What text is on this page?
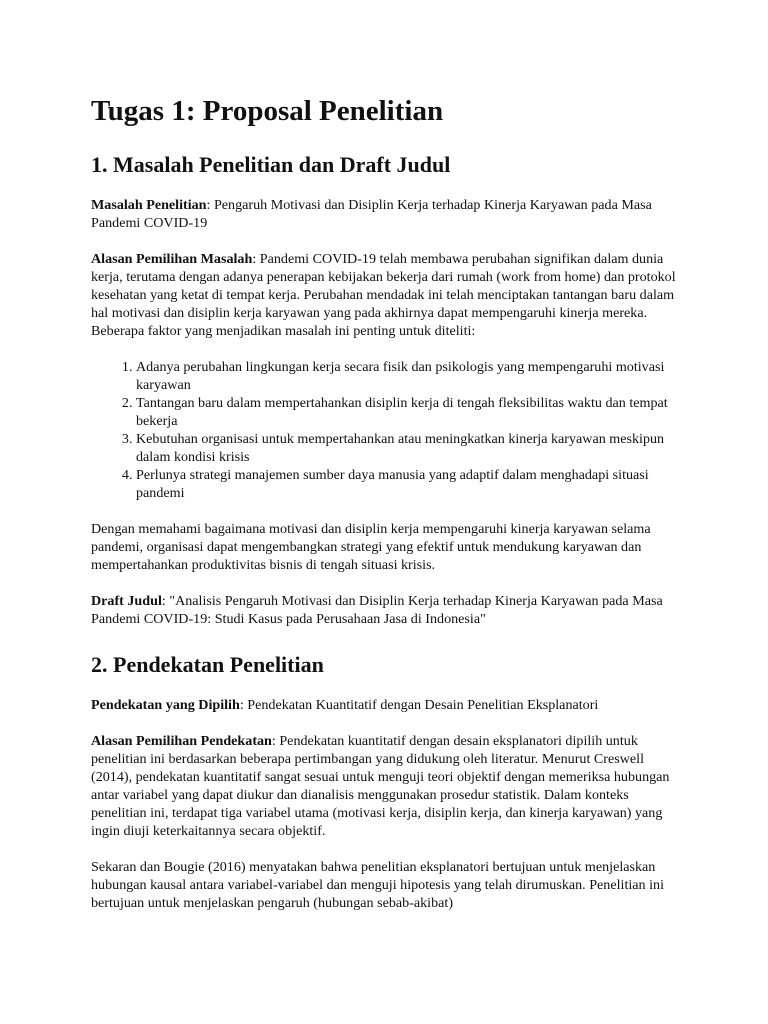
Tugas 1: Proposal Penelitian
1. Masalah Penelitian dan Draft Judul

Masalah Penelitian: Pengaruh Motivasi dan Disiplin Kerja terhadap Kinerja Karyawan pada Masa Pandemi COVID-19

Alasan Pemilihan Masalah: Pandemi COVID-19 telah membawa perubahan signifikan dalam dunia kerja, terutama dengan adanya penerapan kebijakan bekerja dari rumah (work from home) dan protokol kesehatan yang ketat di tempat kerja. Perubahan mendadak ini telah menciptakan tantangan baru dalam hal motivasi dan disiplin kerja karyawan yang pada akhirnya dapat mempengaruhi kinerja mereka. Beberapa faktor yang menjadikan masalah ini penting untuk diteliti:

1. Adanya perubahan lingkungan kerja secara fisik dan psikologis yang mempengaruhi motivasi karyawan
2. Tantangan baru dalam mempertahankan disiplin kerja di tengah fleksibilitas waktu dan tempat bekerja
3. Kebutuhan organisasi untuk mempertahankan atau meningkatkan kinerja karyawan meskipun dalam kondisi krisis
4. Perlunya strategi manajemen sumber daya manusia yang adaptif dalam menghadapi situasi pandemi

Dengan memahami bagaimana motivasi dan disiplin kerja mempengaruhi kinerja karyawan selama pandemi, organisasi dapat mengembangkan strategi yang efektif untuk mendukung karyawan dan mempertahankan produktivitas bisnis di tengah situasi krisis.

Draft Judul: "Analisis Pengaruh Motivasi dan Disiplin Kerja terhadap Kinerja Karyawan pada Masa Pandemi COVID-19: Studi Kasus pada Perusahaan Jasa di Indonesia"

2. Pendekatan Penelitian

Pendekatan yang Dipilih: Pendekatan Kuantitatif dengan Desain Penelitian Eksplanatori

Alasan Pemilihan Pendekatan: Pendekatan kuantitatif dengan desain eksplanatori dipilih untuk penelitian ini berdasarkan beberapa pertimbangan yang didukung oleh literatur. Menurut Creswell (2014), pendekatan kuantitatif sangat sesuai untuk menguji teori objektif dengan memeriksa hubungan antar variabel yang dapat diukur dan dianalisis menggunakan prosedur statistik. Dalam konteks penelitian ini, terdapat tiga variabel utama (motivasi kerja, disiplin kerja, dan kinerja karyawan) yang ingin diuji keterkaitannya secara objektif.

Sekaran dan Bougie (2016) menyatakan bahwa penelitian eksplanatori bertujuan untuk menjelaskan hubungan kausal antara variabel-variabel dan menguji hipotesis yang telah dirumuskan. Penelitian ini bertujuan untuk menjelaskan pengaruh (hubungan sebab-akibat)
